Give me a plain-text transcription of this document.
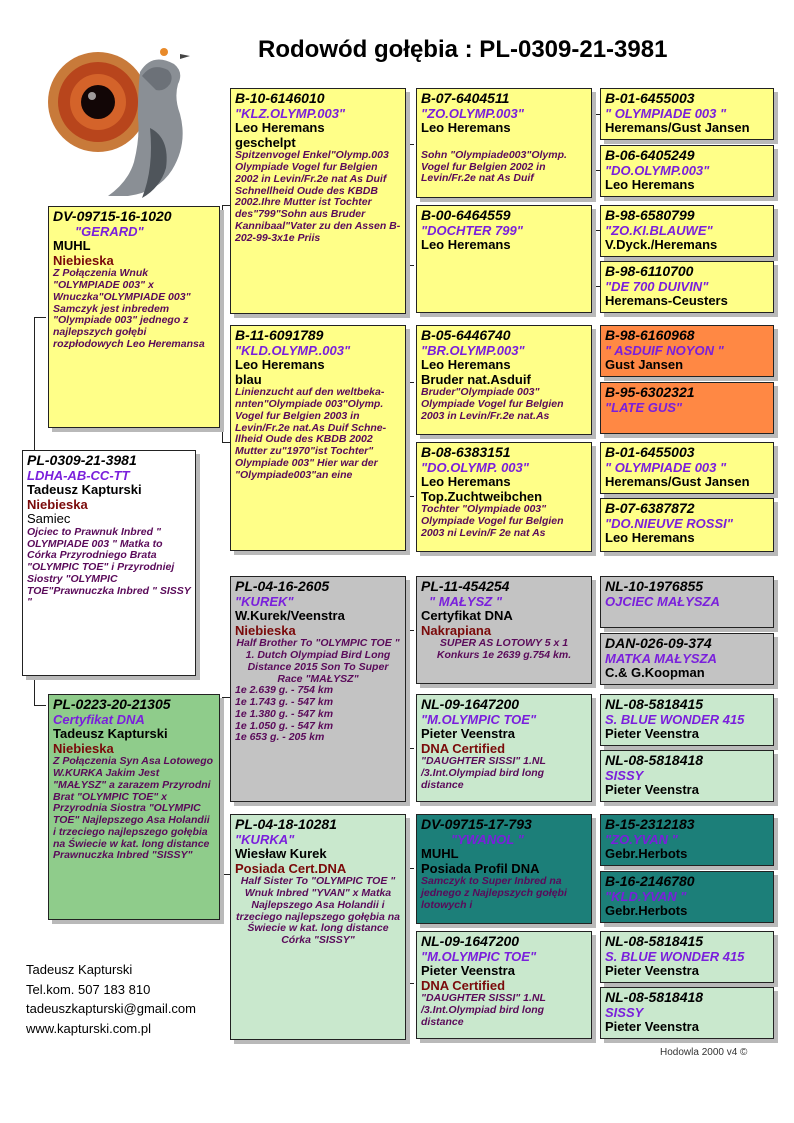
Rodowód gołębia : PL-0309-21-3981
PL-0309-21-3981
LDHA-AB-CC-TT
Tadeusz Kapturski
Niebieska
Samiec
Ojciec to Prawnuk Inbred " OLYMPIADE 003 " Matka to Córka Przyrodniego Brata "OLYMPIC TOE" i Przyrodniej Siostry "OLYMPIC TOE"Prawnuczka Inbred " SISSY "
DV-09715-16-1020
"GERARD"
MUHL
Niebieska
Z Połączenia Wnuk "OLYMPIADE 003" x Wnuczka"OLYMPIADE 003" Samczyk jest inbredem "Olympiade 003" jednego z najlepszych gołębi rozpłodowych Leo Heremansa
PL-0223-20-21305
Certyfikat DNA
Tadeusz Kapturski
Niebieska
Z Połączenia Syn Asa Lotowego W.KURKA Jakim Jest "MAŁYSZ" a zarazem Przyrodni Brat "OLYMPIC TOE" x Przyrodnia Siostra "OLYMPIC TOE" Najlepszego Asa Holandii i trzeciego najlepszego gołębia na Świecie w kat. long distance Prawnuczka Inbred "SISSY"
B-10-6146010
"KLZ.OLYMP.003"
Leo Heremans
geschelpt
Spitzenvogel Enkel"Olymp.003 Olympiade Vogel fur Belgien 2002 in Levin/Fr.2e nat As Duif Schnellheid Oude des KBDB 2002.Ihre Mutter ist Tochter des"799"Sohn aus Bruder Kannibaal"Vater zu den Assen B-202-99-3x1e Priis
B-11-6091789
"KLD.OLYMP..003"
Leo Heremans
blau
Linienzucht auf den weltbeka- nnten"Olympiade 003"Olymp. Vogel fur Belgien 2003 in Levin/Fr.2e nat.As Duif Schne- llheid Oude des KBDB 2002 Mutter zu"1970"ist Tochter" Olympiade 003" Hier war der "Olympiade003"an eine
PL-04-16-2605
"KUREK"
W.Kurek/Veenstra
Niebieska
Half Brother To "OLYMPIC TOE " 1. Dutch Olympiad Bird Long Distance 2015 Son To Super Race "MAŁYSZ"
1e 2.639 g. - 754 km
1e 1.743 g. - 547 km
1e 1.380 g. - 547 km
1e 1.050 g. - 547 km
1e 653 g. - 205 km
PL-04-18-10281
"KURKA"
Wiesław Kurek
Posiada Cert.DNA
Half Sister To "OLYMPIC TOE " Wnuk Inbred "YVAN" x Matka Najlepszego Asa Holandii i trzeciego najlepszego gołębia na Świecie w kat. long distance Córka "SISSY"
B-07-6404511
"ZO.OLYMP.003"
Leo Heremans
Sohn "Olympiade003"Olymp. Vogel fur Belgien 2002 in Levin/Fr.2e nat As Duif
B-00-6464559
"DOCHTER 799"
Leo Heremans
B-05-6446740
"BR.OLYMP.003"
Leo Heremans
Bruder nat.Asduif
Bruder"Olympiade 003" Olympiade Vogel fur Belgien 2003 in Levin/Fr.2e nat.As
B-08-6383151
"DO.OLYMP. 003"
Leo Heremans
Top.Zuchtweibchen
Tochter "Olympiade 003" Olympiade Vogel fur Belgien 2003 ni Levin/F 2e nat As
PL-11-454254
" MAŁYSZ "
Certyfikat DNA
Nakrapiana
SUPER AS LOTOWY 5 x 1 Konkurs 1e 2639 g.754 km.
NL-09-1647200
"M.OLYMPIC TOE"
Pieter Veenstra
DNA Certified
"DAUGHTER SISSI" 1.NL /3.Int.Olympiad bird long distance
DV-09715-17-793
"YWANOL "
MUHL
Posiada Profil DNA
Samczyk to Super Inbred na jednego z Najlepszych gołębi lotowych i
NL-09-1647200
"M.OLYMPIC TOE"
Pieter Veenstra
DNA Certified
"DAUGHTER SISSI" 1.NL /3.Int.Olympiad bird long distance
B-01-6455003
" OLYMPIADE 003 "
Heremans/Gust Jansen
B-06-6405249
"DO.OLYMP.003"
Leo Heremans
B-98-6580799
"ZO.KI.BLAUWE"
V.Dyck./Heremans
B-98-6110700
"DE 700 DUIVIN"
Heremans-Ceusters
B-98-6160968
" ASDUIF NOYON "
Gust Jansen
B-95-6302321
"LATE GUS"
B-01-6455003
" OLYMPIADE 003 "
Heremans/Gust Jansen
B-07-6387872
"DO.NIEUVE ROSSI"
Leo Heremans
NL-10-1976855
OJCIEC MAŁYSZA
DAN-026-09-374
MATKA MAŁYSZA
C.& G.Koopman
NL-08-5818415
S. BLUE WONDER 415
Pieter Veenstra
NL-08-5818418
SISSY
Pieter Veenstra
B-15-2312183
"ZO.YVAN "
Gebr.Herbots
B-16-2146780
"KLD.YVAN "
Gebr.Herbots
NL-08-5818415
S. BLUE WONDER 415
Pieter Veenstra
NL-08-5818418
SISSY
Pieter Veenstra
Tadeusz Kapturski
Tel.kom. 507 183 810
tadeuszkapturski@gmail.com
www.kapturski.com.pl
Hodowla 2000 v4 ©
